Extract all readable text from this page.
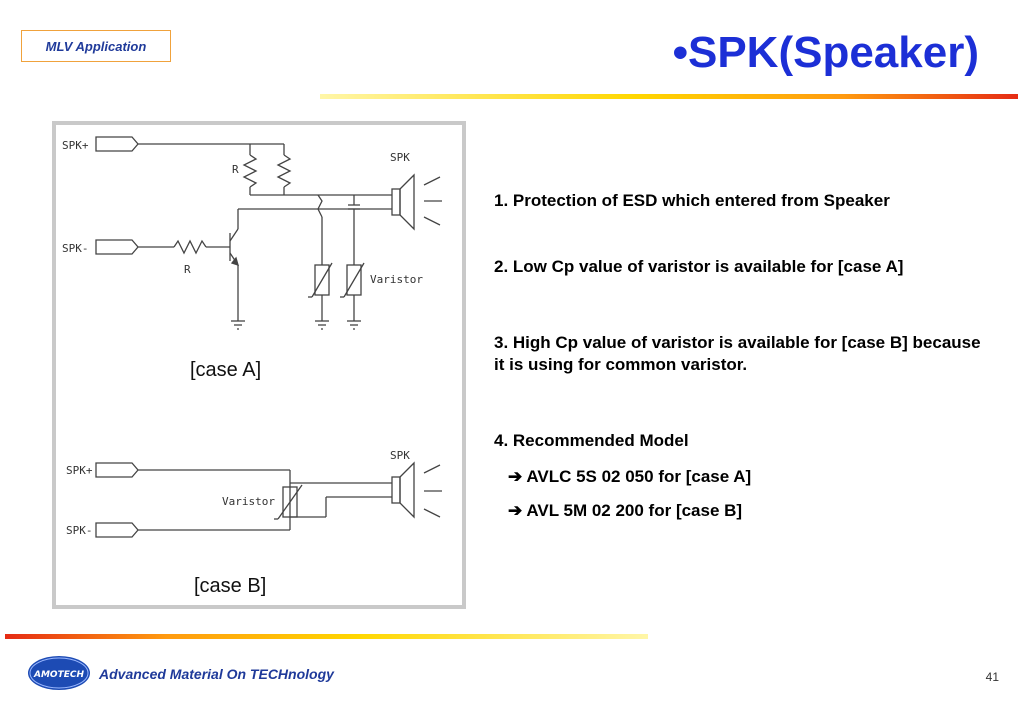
MLV Application	•SPK(Speaker)
SPK+
SPK-
SPK
R
R
Varistor
SPK+
SPK-
SPK
Varistor
[case A]
[case B]
1. Protection of ESD which entered from Speaker
2. Low Cp value of varistor is available for [case A]
3. High Cp value of varistor is available for [case B] because it is using for common varistor.
4. Recommended Model
➔ AVLC 5S 02 050 for [case A]
➔ AVL 5M 02 200 for [case B]
AMOTECH Advanced Material On TECHnology	41
